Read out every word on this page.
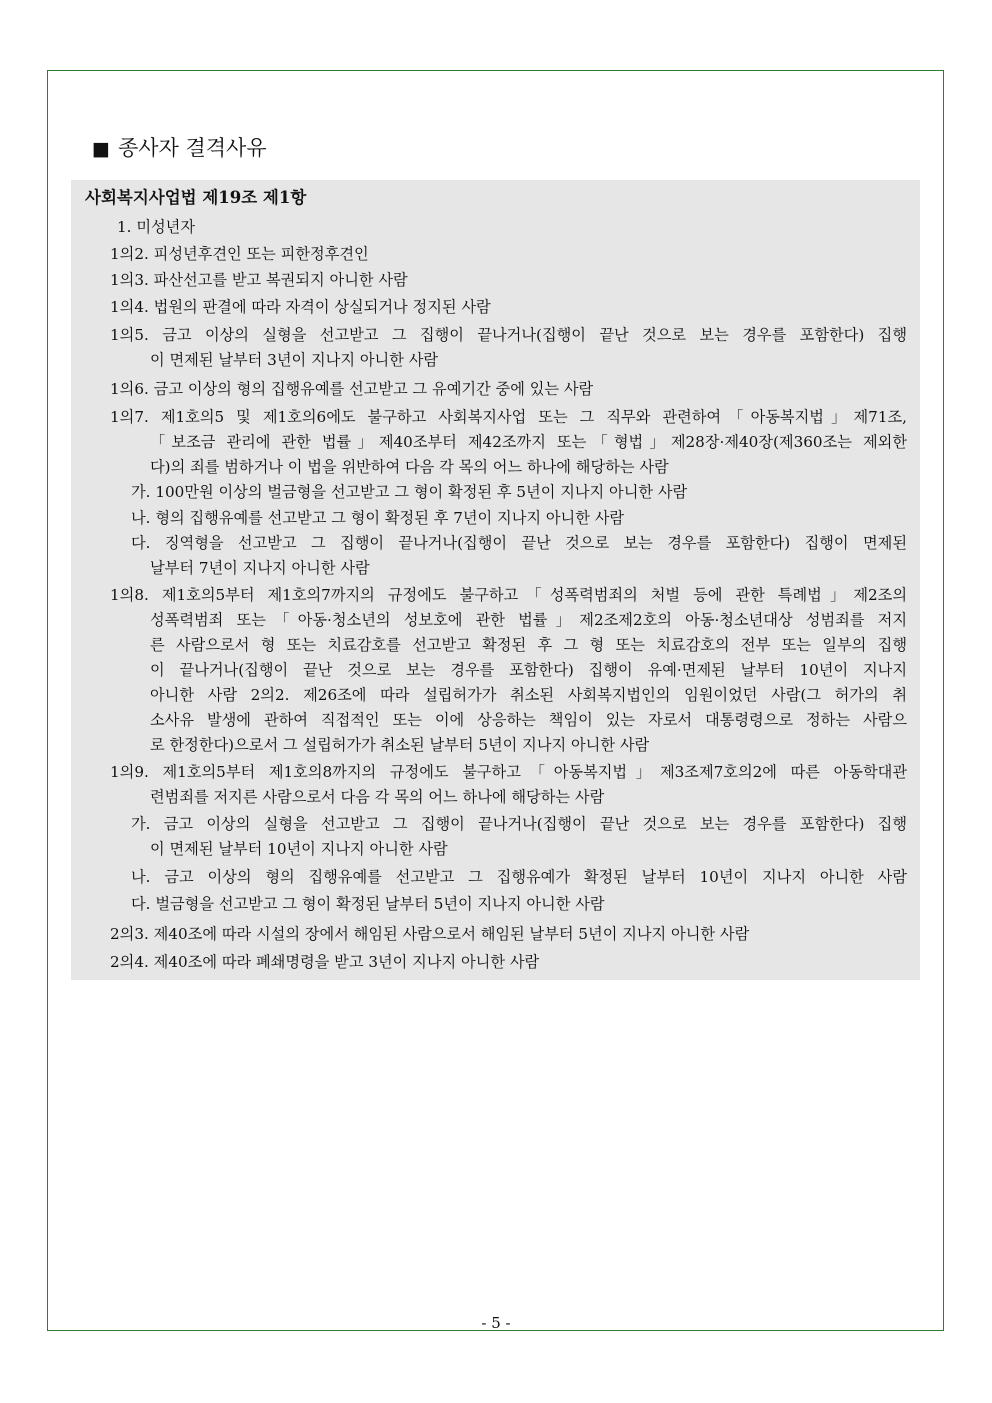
■ 종사자 결격사유
사회복지사업법 제19조 제1항
1. 미성년자
1의2. 피성년후견인 또는 피한정후견인
1의3. 파산선고를 받고 복권되지 아니한 사람
1의4. 법원의 판결에 따라 자격이 상실되거나 정지된 사람
1의5. 금고 이상의 실형을 선고받고 그 집행이 끝나거나(집행이 끝난 것으로 보는 경우를 포함한다) 집행
이 면제된 날부터 3년이 지나지 아니한 사람
1의6. 금고 이상의 형의 집행유예를 선고받고 그 유예기간 중에 있는 사람
1의7. 제1호의5 및 제1호의6에도 불구하고 사회복지사업 또는 그 직무와 관련하여「아동복지법」제71조,
「보조금 관리에 관한 법률」제40조부터 제42조까지 또는「형법」제28장·제40장(제360조는 제외한
다)의 죄를 범하거나 이 법을 위반하여 다음 각 목의 어느 하나에 해당하는 사람
가. 100만원 이상의 벌금형을 선고받고 그 형이 확정된 후 5년이 지나지 아니한 사람
나. 형의 집행유예를 선고받고 그 형이 확정된 후 7년이 지나지 아니한 사람
다. 징역형을 선고받고 그 집행이 끝나거나(집행이 끝난 것으로 보는 경우를 포함한다) 집행이 면제된
날부터 7년이 지나지 아니한 사람
1의8. 제1호의5부터 제1호의7까지의 규정에도 불구하고「성폭력범죄의 처벌 등에 관한 특례법」제2조의
성폭력범죄 또는「아동·청소년의 성보호에 관한 법률」제2조제2호의 아동·청소년대상 성범죄를 저지
른 사람으로서 형 또는 치료감호를 선고받고 확정된 후 그 형 또는 치료감호의 전부 또는 일부의 집행
이 끝나거나(집행이 끝난 것으로 보는 경우를 포함한다) 집행이 유예·면제된 날부터 10년이 지나지
아니한 사람 2의2. 제26조에 따라 설립허가가 취소된 사회복지법인의 임원이었던 사람(그 허가의 취
소사유 발생에 관하여 직접적인 또는 이에 상응하는 책임이 있는 자로서 대통령령으로 정하는 사람으
로 한정한다)으로서 그 설립허가가 취소된 날부터 5년이 지나지 아니한 사람
1의9. 제1호의5부터 제1호의8까지의 규정에도 불구하고「아동복지법」제3조제7호의2에 따른 아동학대관
련범죄를 저지른 사람으로서 다음 각 목의 어느 하나에 해당하는 사람
가. 금고 이상의 실형을 선고받고 그 집행이 끝나거나(집행이 끝난 것으로 보는 경우를 포함한다) 집행
이 면제된 날부터 10년이 지나지 아니한 사람
나. 금고 이상의 형의 집행유예를 선고받고 그 집행유예가 확정된 날부터 10년이 지나지 아니한 사람
다. 벌금형을 선고받고 그 형이 확정된 날부터 5년이 지나지 아니한 사람
2의3. 제40조에 따라 시설의 장에서 해임된 사람으로서 해임된 날부터 5년이 지나지 아니한 사람
2의4. 제40조에 따라 폐쇄명령을 받고 3년이 지나지 아니한 사람
- 5 -
